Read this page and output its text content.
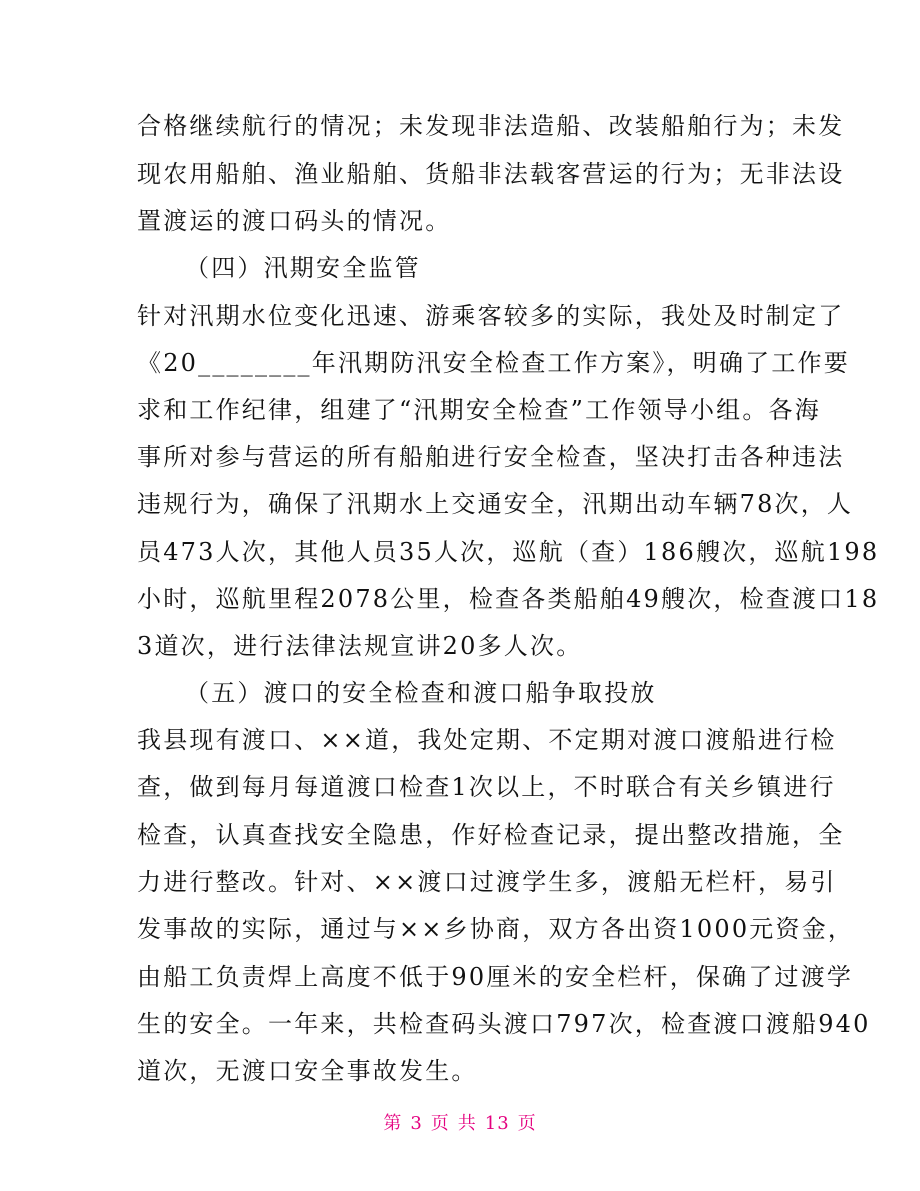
合格继续航行的情况；未发现非法造船、改装船舶行为；未发
现农用船舶、渔业船舶、货船非法载客营运的行为；无非法设
置渡运的渡口码头的情况。
（四）汛期安全监管
针对汛期水位变化迅速、游乘客较多的实际，我处及时制定了
《20________年汛期防汛安全检查工作方案》，明确了工作要
求和工作纪律，组建了“汛期安全检查”工作领导小组。各海
事所对参与营运的所有船舶进行安全检查，坚决打击各种违法
违规行为，确保了汛期水上交通安全，汛期出动车辆78次，人
员473人次，其他人员35人次，巡航（查）186艘次，巡航198
小时，巡航里程2078公里，检查各类船舶49艘次，检查渡口18
3道次，进行法律法规宣讲20多人次。
（五）渡口的安全检查和渡口船争取投放
我县现有渡口、××道，我处定期、不定期对渡口渡船进行检
查，做到每月每道渡口检查1次以上，不时联合有关乡镇进行
检查，认真查找安全隐患，作好检查记录，提出整改措施，全
力进行整改。针对、××渡口过渡学生多，渡船无栏杆，易引
发事故的实际，通过与××乡协商，双方各出资1000元资金，
由船工负责焊上高度不低于90厘米的安全栏杆，保确了过渡学
生的安全。一年来，共检查码头渡口797次，检查渡口渡船940
道次，无渡口安全事故发生。
第 3 页 共 13 页
